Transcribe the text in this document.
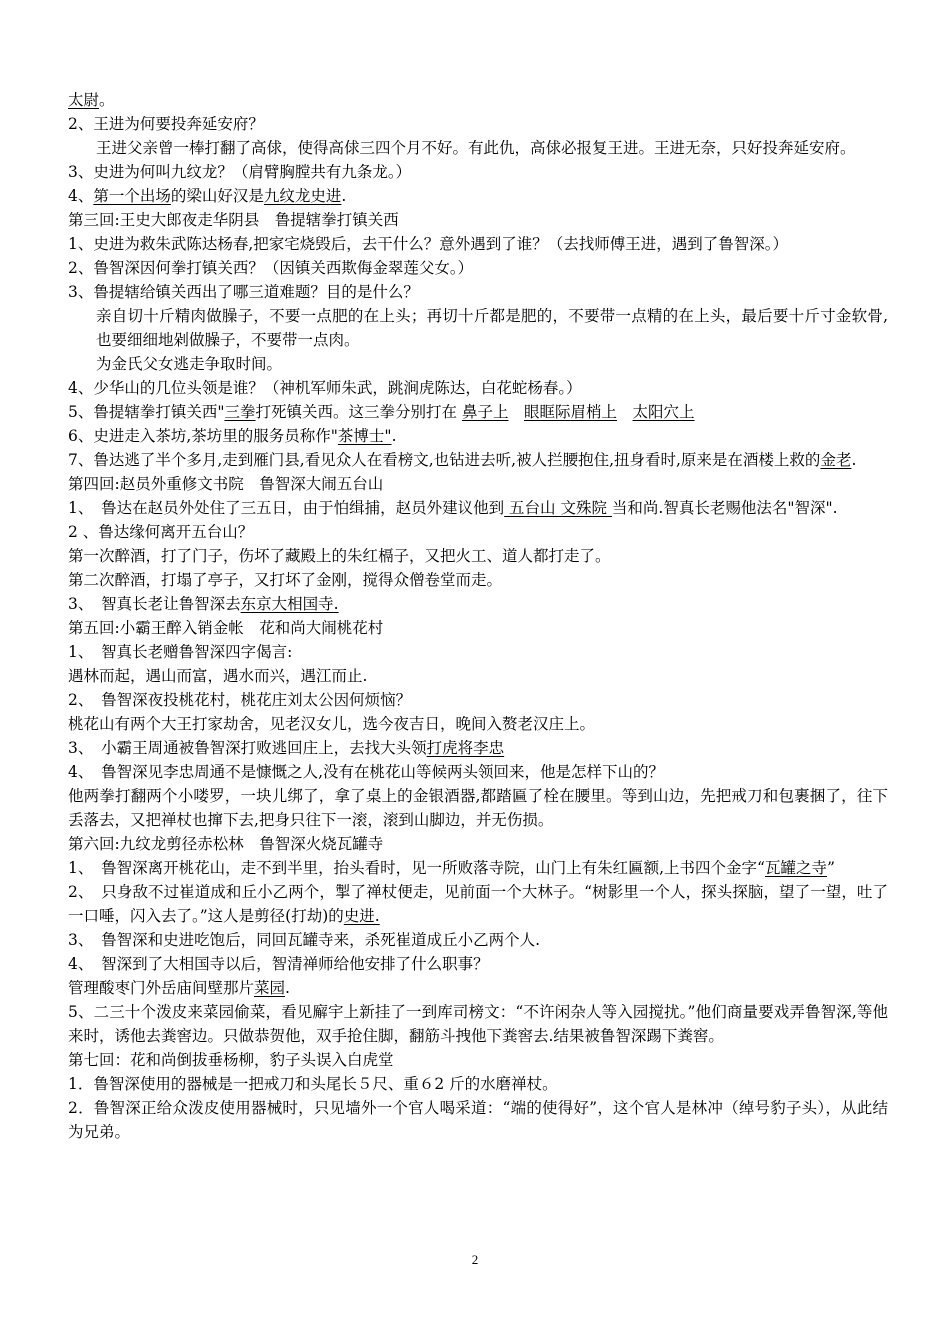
太尉。
2、王进为何要投奔延安府？
王进父亲曾一棒打翻了高俅，使得高俅三四个月不好。有此仇，高俅必报复王进。王进无奈，只好投奔延安府。
3、史进为何叫九纹龙？（肩臂胸膛共有九条龙。）
4、第一个出场的梁山好汉是九纹龙史进.
第三回:王史大郎夜走华阴县　鲁提辖拳打镇关西
1、史进为救朱武陈达杨春,把家宅烧毁后，去干什么？意外遇到了谁？（去找师傅王进，遇到了鲁智深。）
2、鲁智深因何拳打镇关西？（因镇关西欺侮金翠莲父女。）
3、鲁提辖给镇关西出了哪三道难题？目的是什么？
亲自切十斤精肉做臊子，不要一点肥的在上头；再切十斤都是肥的，不要带一点精的在上头，最后要十斤寸金软骨,也要细细地剁做臊子，不要带一点肉。
为金氏父女逃走争取时间。
4、少华山的几位头领是谁？（神机军师朱武，跳涧虎陈达，白花蛇杨春。）
5、鲁提辖拳打镇关西"三拳打死镇关西。这三拳分别打在 鼻子上　 眼眶际眉梢上　 太阳穴上
6、史进走入茶坊,茶坊里的服务员称作"茶博士".
7、鲁达逃了半个多月,走到雁门县,看见众人在看榜文,也钻进去听,被人拦腰抱住,扭身看时,原来是在酒楼上救的金老.
第四回:赵员外重修文书院　鲁智深大闹五台山
1、　鲁达在赵员外处住了三五日，由于怕缉捕，赵员外建议他到 五台山 文殊院 当和尚.智真长老赐他法名"智深".
2 、鲁达缘何离开五台山？
第一次醉酒，打了门子，伤坏了藏殿上的朱红槅子，又把火工、道人都打走了。
第二次醉酒，打塌了亭子，又打坏了金刚，搅得众僧卷堂而走。
3、　智真长老让鲁智深去东京大相国寺.
第五回:小霸王醉入销金帐　花和尚大闹桃花村
1、　智真长老赠鲁智深四字偈言:
遇林而起，遇山而富，遇水而兴，遇江而止.
2、　鲁智深夜投桃花村，桃花庄刘太公因何烦恼？
桃花山有两个大王打家劫舍，见老汉女儿，选今夜吉日，晚间入赘老汉庄上。
3、　小霸王周通被鲁智深打败逃回庄上，去找大头领打虎将李忠
4、　鲁智深见李忠周通不是慷慨之人,没有在桃花山等候两头领回来，他是怎样下山的？
他两拳打翻两个小喽罗，一块儿绑了，拿了桌上的金银酒器,都踏匾了栓在腰里。等到山边，先把戒刀和包裹捆了，往下丢落去，又把禅杖也撺下去,把身只往下一滚，滚到山脚边，并无伤损。
第六回:九纹龙剪径赤松林　鲁智深火烧瓦罐寺
1、　鲁智深离开桃花山，走不到半里，抬头看时，见一所败落寺院，山门上有朱红匾额,上书四个金字“瓦罐之寺”
2、　只身敌不过崔道成和丘小乙两个，掣了禅杖便走，见前面一个大林子。“树影里一个人，探头探脑，望了一望，吐了一口唾，闪入去了。”这人是剪径(打劫)的史进.
3、　鲁智深和史进吃饱后，同回瓦罐寺来，杀死崔道成丘小乙两个人.
4、　智深到了大相国寺以后，智清禅师给他安排了什么职事？
管理酸枣门外岳庙间壁那片菜园.
5、二三十个泼皮来菜园偷菜，看见廨宇上新挂了一到库司榜文：“不许闲杂人等入园搅扰。”他们商量要戏弄鲁智深,等他来时，诱他去粪窖边。只做恭贺他，双手抢住脚，翻筋斗拽他下粪窖去.结果被鲁智深踢下粪窖。
第七回：花和尚倒拔垂杨柳，豹子头误入白虎堂
1．鲁智深使用的器械是一把戒刀和头尾长５尺、重６2 斤的水磨禅杖。
2．鲁智深正给众泼皮使用器械时，只见墙外一个官人喝采道：“端的使得好”，这个官人是林冲（绰号豹子头），从此结为兄弟。
2
